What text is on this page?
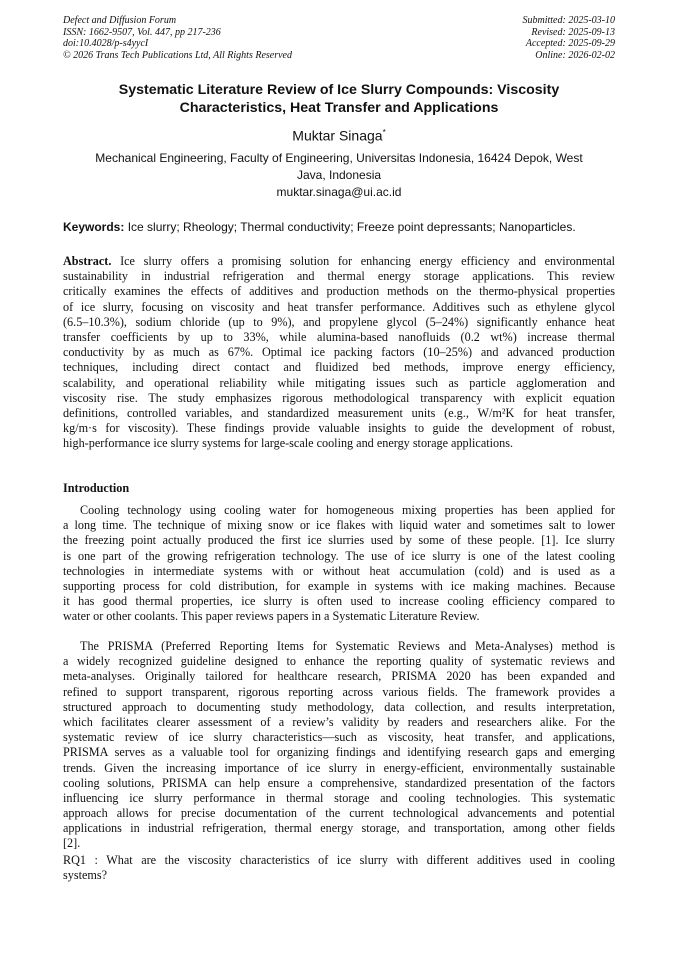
Defect and Diffusion Forum
ISSN: 1662-9507, Vol. 447, pp 217-236
doi:10.4028/p-s4yycI
© 2026 Trans Tech Publications Ltd, All Rights Reserved
Submitted: 2025-03-10
Revised: 2025-09-13
Accepted: 2025-09-29
Online: 2026-02-02
Systematic Literature Review of Ice Slurry Compounds: Viscosity
Characteristics, Heat Transfer and Applications
Muktar Sinaga*
Mechanical Engineering, Faculty of Engineering, Universitas Indonesia, 16424 Depok, West
Java, Indonesia
muktar.sinaga@ui.ac.id
Keywords: Ice slurry; Rheology; Thermal conductivity; Freeze point depressants; Nanoparticles.
Abstract. Ice slurry offers a promising solution for enhancing energy efficiency and environmental
sustainability in industrial refrigeration and thermal energy storage applications. This review
critically examines the effects of additives and production methods on the thermo-physical properties
of ice slurry, focusing on viscosity and heat transfer performance. Additives such as ethylene glycol
(6.5–10.3%), sodium chloride (up to 9%), and propylene glycol (5–24%) significantly enhance heat
transfer coefficients by up to 33%, while alumina-based nanofluids (0.2 wt%) increase thermal
conductivity by as much as 67%. Optimal ice packing factors (10–25%) and advanced production
techniques, including direct contact and fluidized bed methods, improve energy efficiency,
scalability, and operational reliability while mitigating issues such as particle agglomeration and
viscosity rise. The study emphasizes rigorous methodological transparency with explicit equation
definitions, controlled variables, and standardized measurement units (e.g., W/m²K for heat transfer,
kg/m·s for viscosity). These findings provide valuable insights to guide the development of robust,
high-performance ice slurry systems for large-scale cooling and energy storage applications.
Introduction
Cooling technology using cooling water for homogeneous mixing properties has been applied for
a long time. The technique of mixing snow or ice flakes with liquid water and sometimes salt to lower
the freezing point actually produced the first ice slurries used by some of these people. [1]. Ice slurry
is one part of the growing refrigeration technology. The use of ice slurry is one of the latest cooling
technologies in intermediate systems with or without heat accumulation (cold) and is used as a
supporting process for cold distribution, for example in systems with ice making machines. Because
it has good thermal properties, ice slurry is often used to increase cooling efficiency compared to
water or other coolants. This paper reviews papers in a Systematic Literature Review.
The PRISMA (Preferred Reporting Items for Systematic Reviews and Meta-Analyses) method is
a widely recognized guideline designed to enhance the reporting quality of systematic reviews and
meta-analyses. Originally tailored for healthcare research, PRISMA 2020 has been expanded and
refined to support transparent, rigorous reporting across various fields. The framework provides a
structured approach to documenting study methodology, data collection, and results interpretation,
which facilitates clearer assessment of a review’s validity by readers and researchers alike. For the
systematic review of ice slurry characteristics—such as viscosity, heat transfer, and applications,
PRISMA serves as a valuable tool for organizing findings and identifying research gaps and emerging
trends. Given the increasing importance of ice slurry in energy-efficient, environmentally sustainable
cooling solutions, PRISMA can help ensure a comprehensive, standardized presentation of the factors
influencing ice slurry performance in thermal storage and cooling technologies. This systematic
approach allows for precise documentation of the current technological advancements and potential
applications in industrial refrigeration, thermal energy storage, and transportation, among other fields
[2].
RQ1 : What are the viscosity characteristics of ice slurry with different additives used in cooling
systems?
